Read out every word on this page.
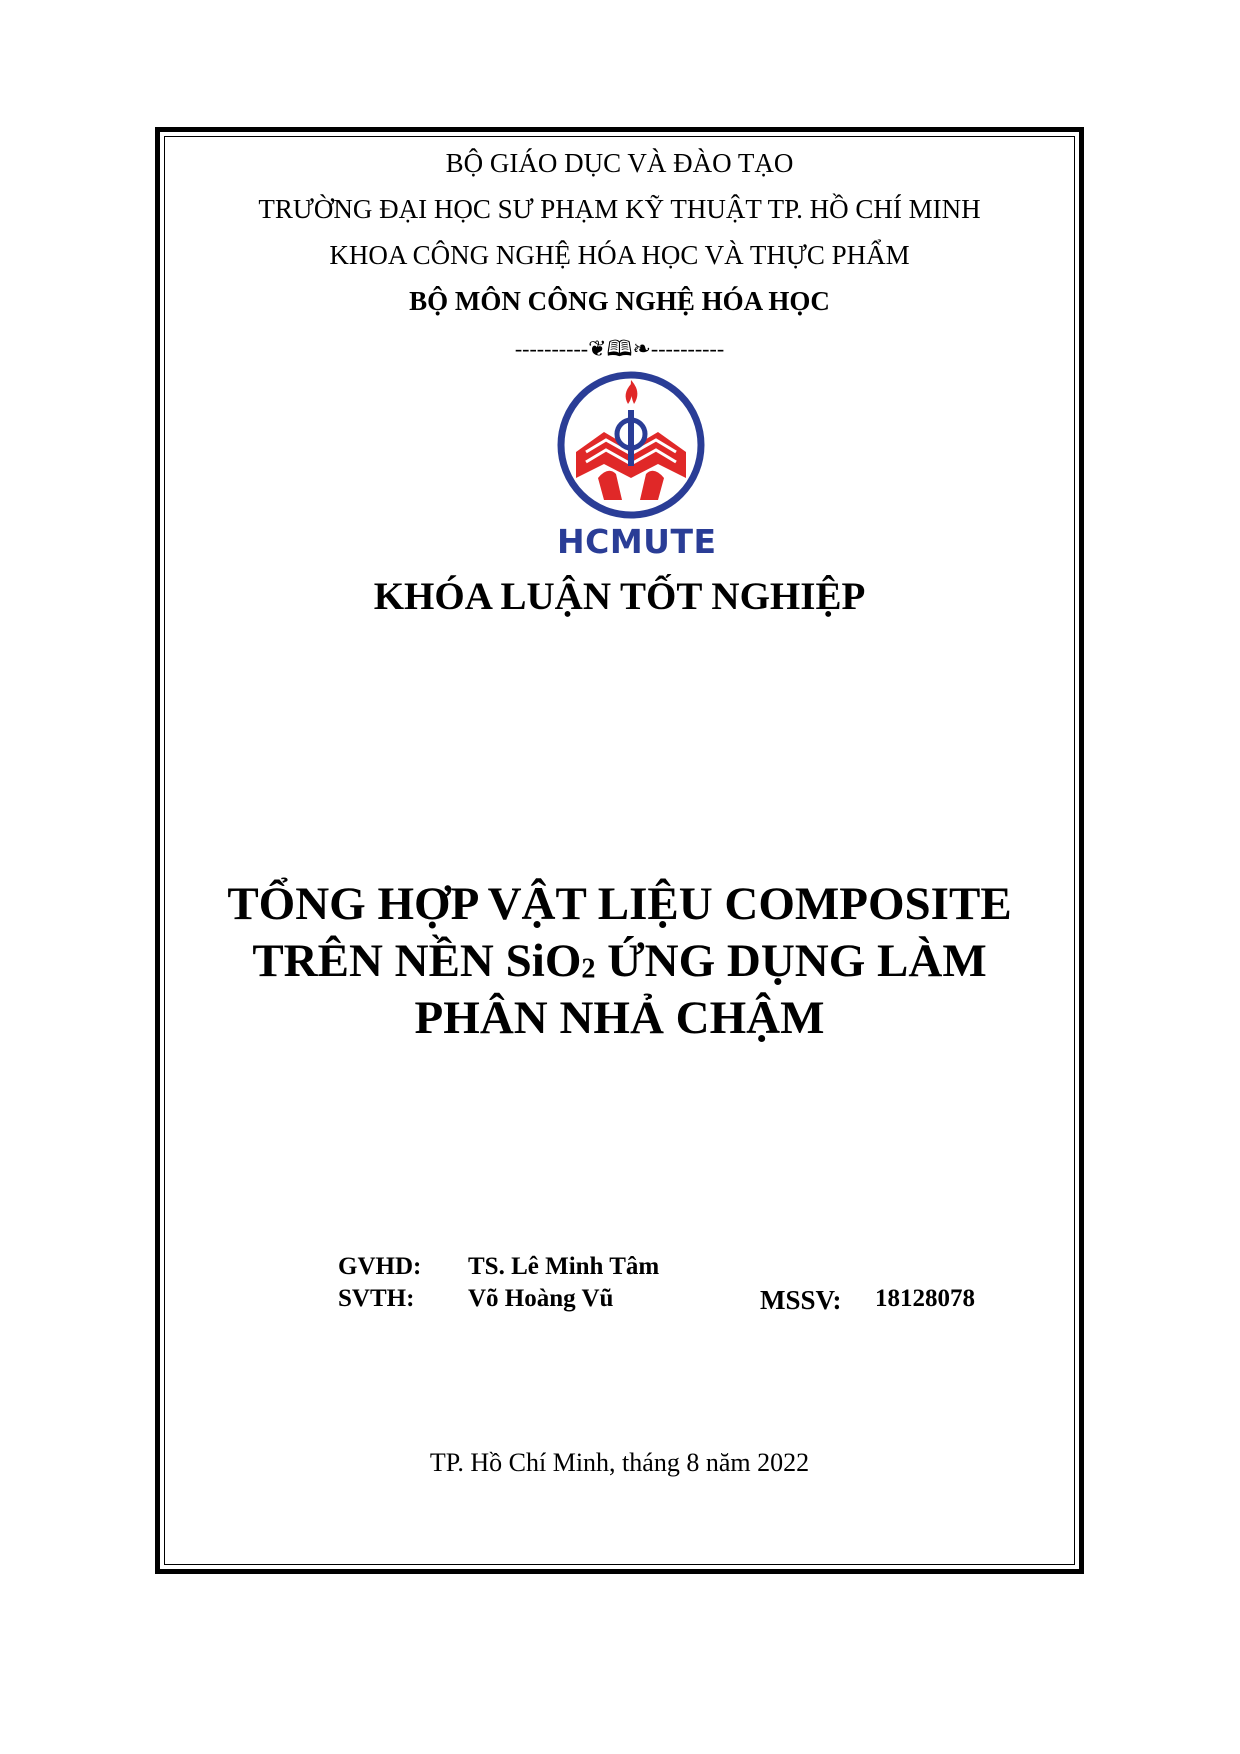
BỘ GIÁO DỤC VÀ ĐÀO TẠO
TRƯỜNG ĐẠI HỌC SƯ PHẠM KỸ THUẬT TP. HỒ CHÍ MINH
KHOA CÔNG NGHỆ HÓA HỌC VÀ THỰC PHẨM
BỘ MÔN CÔNG NGHỆ HÓA HỌC
----------❦🕮❧----------
HCMUTE
KHÓA LUẬN TỐT NGHIỆP
TỔNG HỢP VẬT LIỆU COMPOSITE
TRÊN NỀN SiO$_2$ ỨNG DỤNG LÀM
PHÂN NHẢ CHẬM
GVHD: TS. Lê Minh Tâm
SVTH: Võ Hoàng Vũ	MSSV: 18128078
TP. Hồ Chí Minh, tháng 8 năm 2022
